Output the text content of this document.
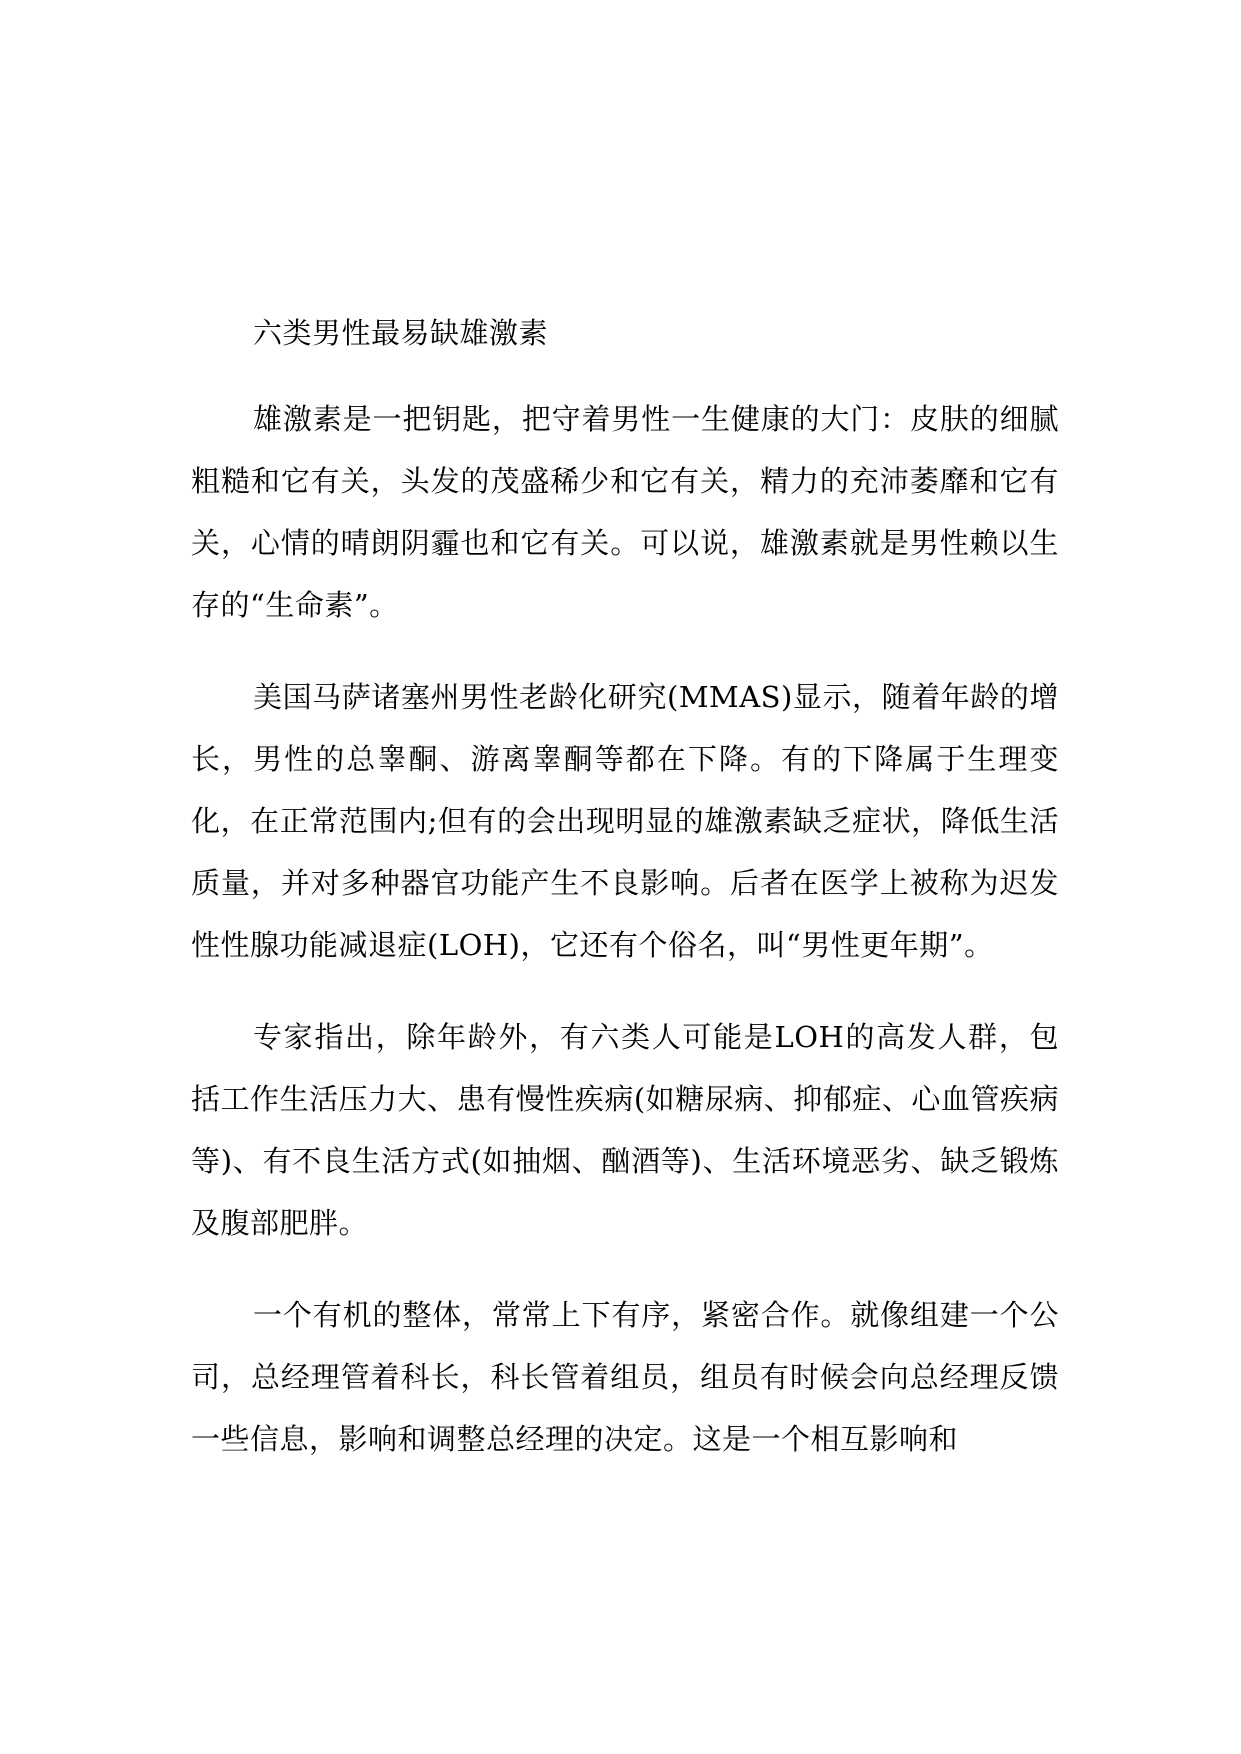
六类男性最易缺雄激素

雄激素是一把钥匙，把守着男性一生健康的大门：皮肤的细腻粗糙和它有关，头发的茂盛稀少和它有关，精力的充沛萎靡和它有关，心情的晴朗阴霾也和它有关。可以说，雄激素就是男性赖以生存的“生命素”。

美国马萨诸塞州男性老龄化研究(MMAS)显示，随着年龄的增长，男性的总睾酮、游离睾酮等都在下降。有的下降属于生理变化，在正常范围内;但有的会出现明显的雄激素缺乏症状，降低生活质量，并对多种器官功能产生不良影响。后者在医学上被称为迟发性性腺功能减退症(LOH)，它还有个俗名，叫“男性更年期”。

专家指出，除年龄外，有六类人可能是LOH的高发人群，包括工作生活压力大、患有慢性疾病(如糖尿病、抑郁症、心血管疾病等)、有不良生活方式(如抽烟、酗酒等)、生活环境恶劣、缺乏锻炼及腹部肥胖。

一个有机的整体，常常上下有序，紧密合作。就像组建一个公司，总经理管着科长，科长管着组员，组员有时候会向总经理反馈一些信息，影响和调整总经理的决定。这是一个相互影响和
